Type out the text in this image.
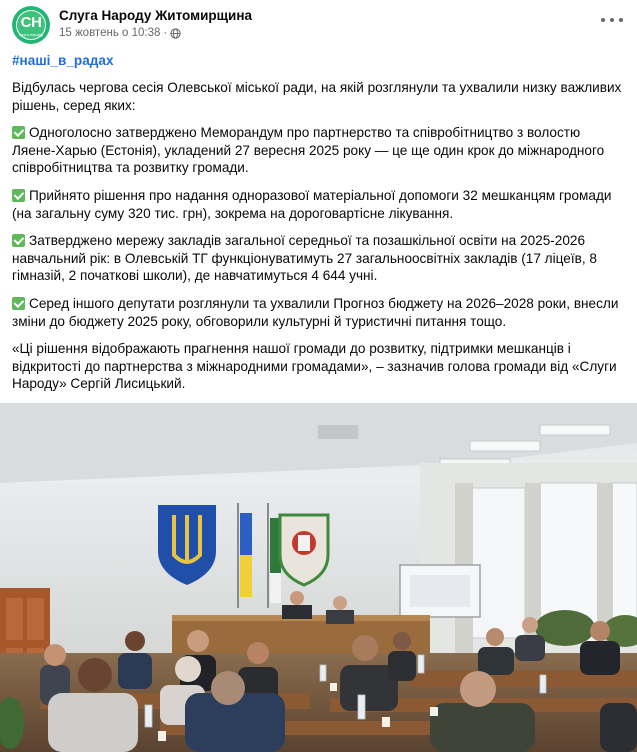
СН
слуга народу
Слуга Народу Житомирщина
15 жовтень о 10:38 ·
#наші_в_радах

Відбулась чергова сесія Олевської міської ради, на якій розглянули та ухвалили низку важливих рішень, серед яких:

Одноголосно затверджено Меморандум про партнерство та співробітництво з волостю Ляене-Харью (Естонія), укладений 27 вересня 2025 року — це ще один крок до міжнародного співробітництва та розвитку громади.

Прийнято рішення про надання одноразової матеріальної допомоги 32 мешканцям громади (на загальну суму 320 тис. грн), зокрема на дороговартісне лікування.

Затверджено мережу закладів загальної середньої та позашкільної освіти на 2025-2026 навчальний рік: в Олевській ТГ функціонуватимуть 27 загальноосвітніх закладів (17 ліцеїв, 8 гімназій, 2 початкові школи), де навчатимуться 4 644 учні.

Серед іншого депутати розглянули та ухвалили Прогноз бюджету на 2026–2028 роки, внесли зміни до бюджету 2025 року, обговорили культурні й туристичні питання тощо.

«Ці рішення відображають прагнення нашої громади до розвитку, підтримки мешканців і відкритості до партнерства з міжнародними громадами», – зазначив голова громади від «Слуги Народу» Сергій Лисицький.
